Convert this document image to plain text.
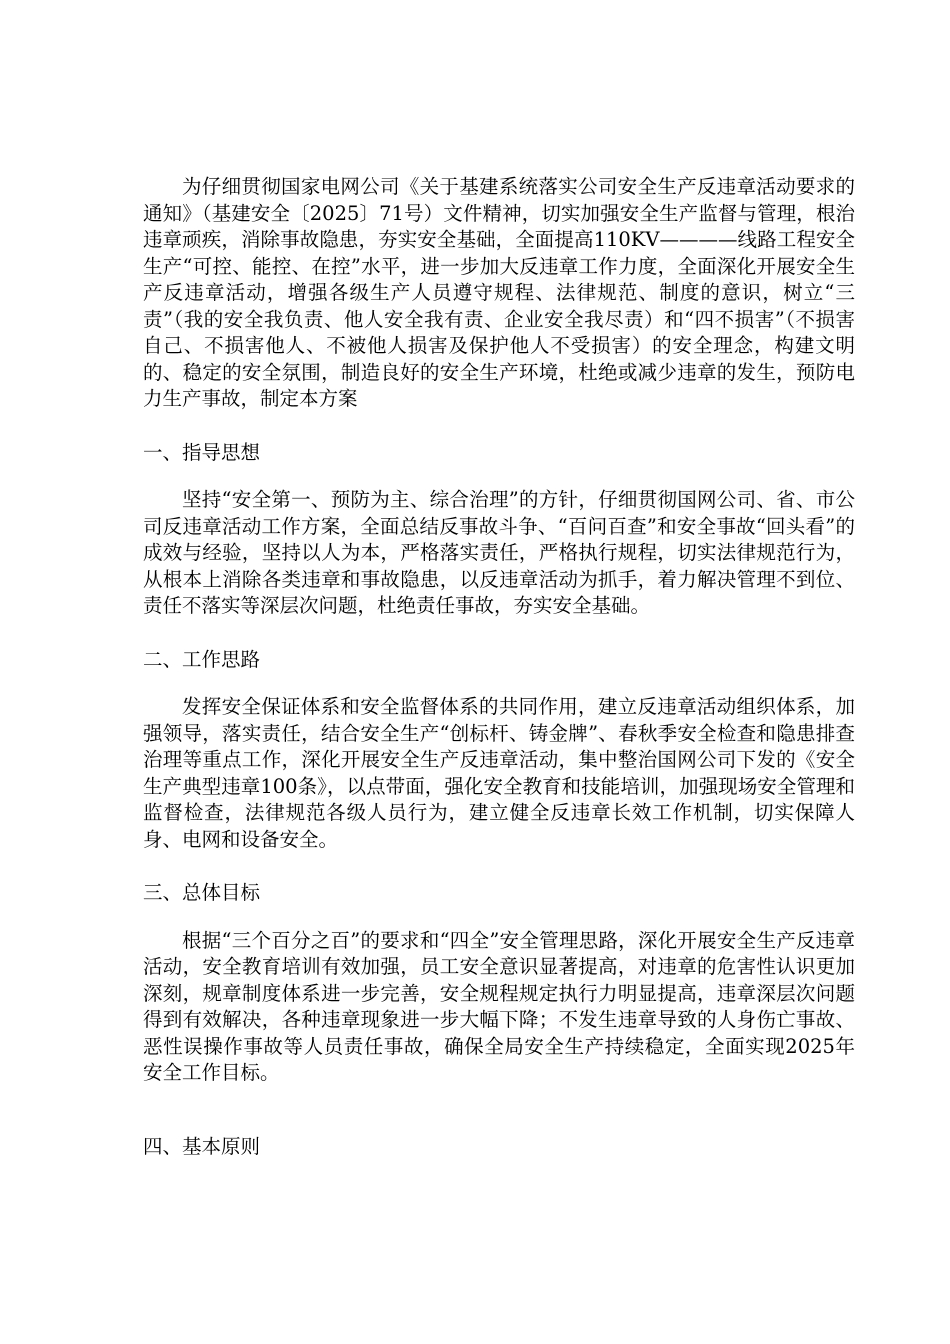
为仔细贯彻国家电网公司《关于基建系统落实公司安全生产反违章活动要求的通知》（基建安全〔2025〕71号）文件精神，切实加强安全生产监督与管理，根治违章顽疾，消除事故隐患，夯实安全基础，全面提高110KV————线路工程安全生产“可控、能控、在控”水平，进一步加大反违章工作力度，全面深化开展安全生产反违章活动，增强各级生产人员遵守规程、法律规范、制度的意识，树立“三责”（我的安全我负责、他人安全我有责、企业安全我尽责）和“四不损害”（不损害自己、不损害他人、不被他人损害及保护他人不受损害）的安全理念，构建文明的、稳定的安全氛围，制造良好的安全生产环境，杜绝或减少违章的发生，预防电力生产事故，制定本方案

一、指导思想

坚持“安全第一、预防为主、综合治理”的方针，仔细贯彻国网公司、省、市公司反违章活动工作方案，全面总结反事故斗争、“百问百查”和安全事故“回头看”的成效与经验，坚持以人为本，严格落实责任，严格执行规程，切实法律规范行为，从根本上消除各类违章和事故隐患，以反违章活动为抓手，着力解决管理不到位、责任不落实等深层次问题，杜绝责任事故，夯实安全基础。

二、工作思路

发挥安全保证体系和安全监督体系的共同作用，建立反违章活动组织体系，加强领导，落实责任，结合安全生产“创标杆、铸金牌”、春秋季安全检查和隐患排查治理等重点工作，深化开展安全生产反违章活动，集中整治国网公司下发的《安全生产典型违章100条》，以点带面，强化安全教育和技能培训，加强现场安全管理和监督检查，法律规范各级人员行为，建立健全反违章长效工作机制，切实保障人身、电网和设备安全。

三、总体目标

根据“三个百分之百”的要求和“四全”安全管理思路，深化开展安全生产反违章活动，安全教育培训有效加强，员工安全意识显著提高，对违章的危害性认识更加深刻，规章制度体系进一步完善，安全规程规定执行力明显提高，违章深层次问题得到有效解决，各种违章现象进一步大幅下降；不发生违章导致的人身伤亡事故、恶性误操作事故等人员责任事故，确保全局安全生产持续稳定，全面实现2025年安全工作目标。

四、基本原则
